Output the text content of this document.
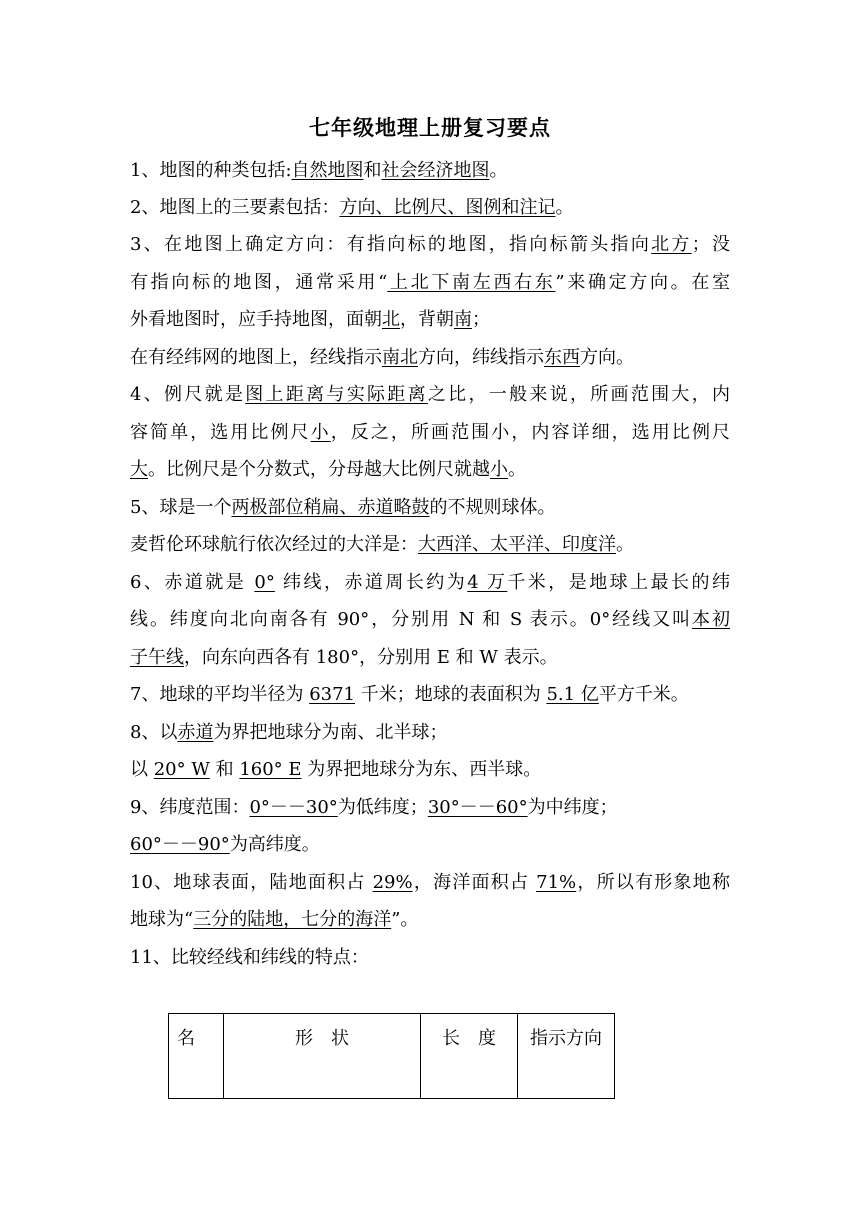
七年级地理上册复习要点
1、地图的种类包括:自然地图和社会经济地图。
2、地图上的三要素包括：方向、比例尺、图例和注记。
3、在地图上确定方向：有指向标的地图，指向标箭头指向北方；没
有指向标的地图，通常采用“上北下南左西右东”来确定方向。在室
外看地图时，应手持地图，面朝北，背朝南；
在有经纬网的地图上，经线指示南北方向，纬线指示东西方向。
4、例尺就是图上距离与实际距离之比，一般来说，所画范围大，内
容简单，选用比例尺小，反之，所画范围小，内容详细，选用比例尺
大。比例尺是个分数式，分母越大比例尺就越小。
5、球是一个两极部位稍扁、赤道略鼓的不规则球体。
麦哲伦环球航行依次经过的大洋是：大西洋、太平洋、印度洋。
6、赤道就是 0° 纬线，赤道周长约为4 万千米，是地球上最长的纬
线。纬度向北向南各有 90°，分别用 N 和 S 表示。0°经线又叫本初
子午线，向东向西各有 180°，分别用 E 和 W 表示。
7、地球的平均半径为 6371 千米；地球的表面积为 5.1 亿平方千米。
8、以赤道为界把地球分为南、北半球；
以 20° W 和 160° E 为界把地球分为东、西半球。
9、纬度范围：0°－－30°为低纬度；30°－－60°为中纬度；
60°－－90°为高纬度。
10、地球表面，陆地面积占 29%，海洋面积占 71%，所以有形象地称
地球为“三分的陆地，七分的海洋”。
11、比较经线和纬线的特点：
名	形　状	长　度	指示方向
